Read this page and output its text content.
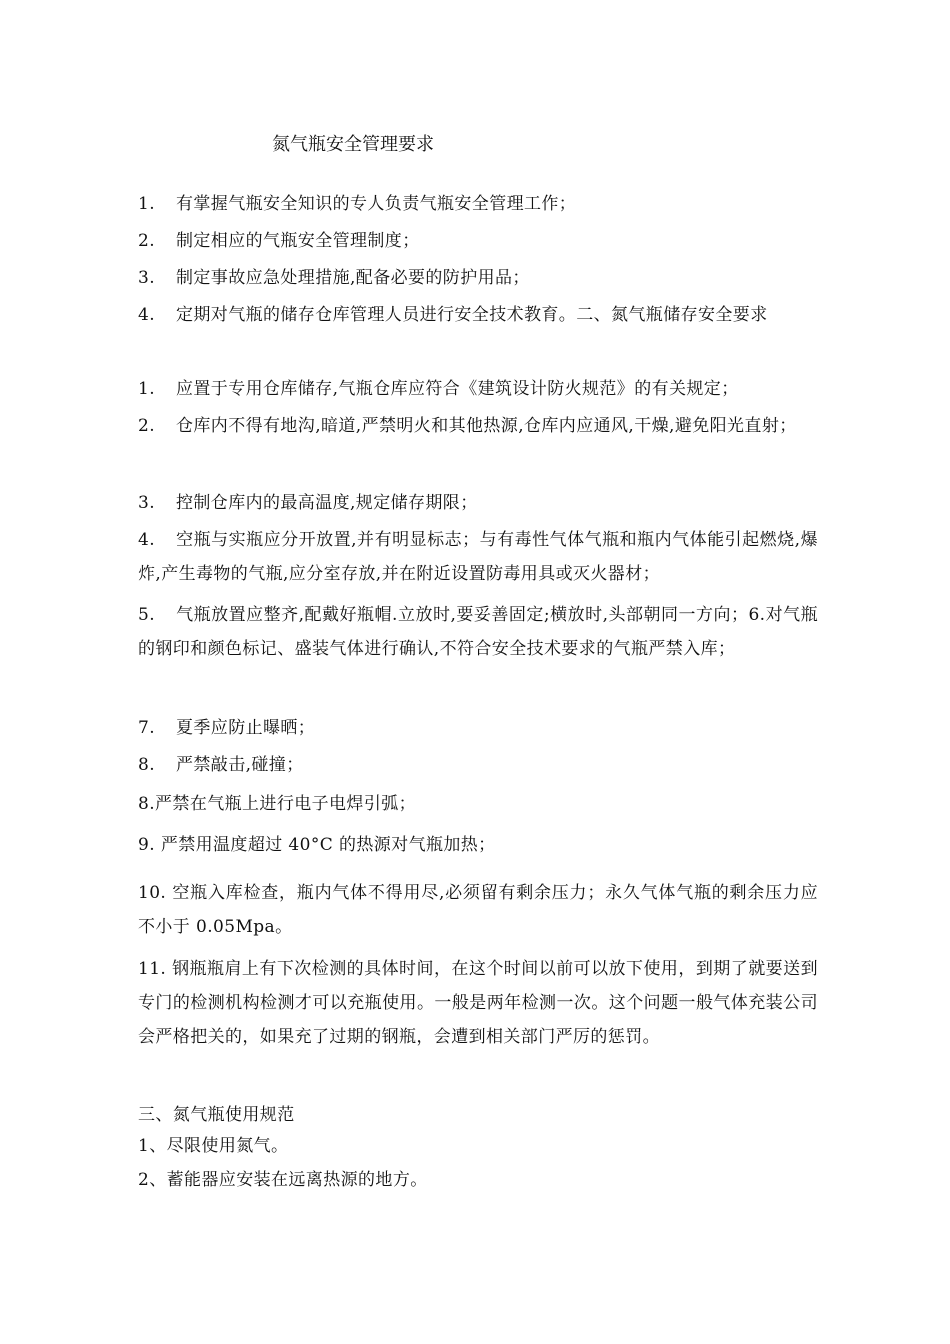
氮气瓶安全管理要求
1. 有掌握气瓶安全知识的专人负责气瓶安全管理工作；
2. 制定相应的气瓶安全管理制度；
3. 制定事故应急处理措施,配备必要的防护用品；
4. 定期对气瓶的储存仓库管理人员进行安全技术教育。二、氮气瓶储存安全要求
1. 应置于专用仓库储存,气瓶仓库应符合《建筑设计防火规范》的有关规定；
2. 仓库内不得有地沟,暗道,严禁明火和其他热源,仓库内应通风,干燥,避免阳光直射；
3. 控制仓库内的最高温度,规定储存期限；
4. 空瓶与实瓶应分开放置,并有明显标志；与有毒性气体气瓶和瓶内气体能引起燃烧,爆炸,产生毒物的气瓶,应分室存放,并在附近设置防毒用具或灭火器材；
5. 气瓶放置应整齐,配戴好瓶帽.立放时,要妥善固定;横放时,头部朝同一方向；6.对气瓶的钢印和颜色标记、盛装气体进行确认,不符合安全技术要求的气瓶严禁入库；
7. 夏季应防止曝晒；
8. 严禁敲击,碰撞；
8.严禁在气瓶上进行电子电焊引弧；
9. 严禁用温度超过 40°C 的热源对气瓶加热；
10. 空瓶入库检查，瓶内气体不得用尽,必须留有剩余压力；永久气体气瓶的剩余压力应不小于 0.05Mpa。
11. 钢瓶瓶肩上有下次检测的具体时间，在这个时间以前可以放下使用，到期了就要送到专门的检测机构检测才可以充瓶使用。一般是两年检测一次。这个问题一般气体充装公司会严格把关的，如果充了过期的钢瓶，会遭到相关部门严厉的惩罚。
三、氮气瓶使用规范
1、尽限使用氮气。
2、蓄能器应安装在远离热源的地方。
